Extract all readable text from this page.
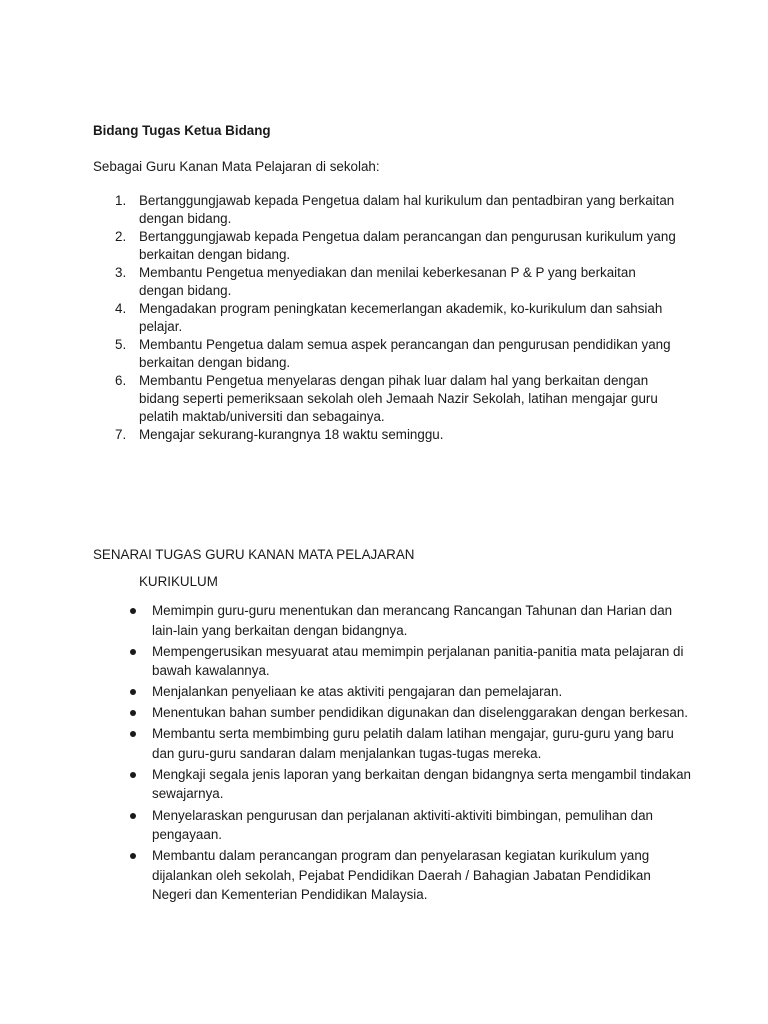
Bidang Tugas Ketua Bidang

Sebagai Guru Kanan Mata Pelajaran di sekolah:

1. Bertanggungjawab kepada Pengetua dalam hal kurikulum dan pentadbiran yang berkaitan dengan bidang.
2. Bertanggungjawab kepada Pengetua dalam perancangan dan pengurusan kurikulum yang berkaitan dengan bidang.
3. Membantu Pengetua menyediakan dan menilai keberkesanan P & P yang berkaitan dengan bidang.
4. Mengadakan program peningkatan kecemerlangan akademik, ko-kurikulum dan sahsiah pelajar.
5. Membantu Pengetua dalam semua aspek perancangan dan pengurusan pendidikan yang berkaitan dengan bidang.
6. Membantu Pengetua menyelaras dengan pihak luar dalam hal yang berkaitan dengan bidang seperti pemeriksaan sekolah oleh Jemaah Nazir Sekolah, latihan mengajar guru pelatih maktab/universiti dan sebagainya.
7. Mengajar sekurang-kurangnya 18 waktu seminggu.

SENARAI TUGAS GURU KANAN MATA PELAJARAN

KURIKULUM

Memimpin guru-guru menentukan dan merancang Rancangan Tahunan dan Harian dan lain-lain yang berkaitan dengan bidangnya.
Mempengerusikan mesyuarat atau memimpin perjalanan panitia-panitia mata pelajaran di bawah kawalannya.
Menjalankan penyeliaan ke atas aktiviti pengajaran dan pemelajaran.
Menentukan bahan sumber pendidikan digunakan dan diselenggarakan dengan berkesan.
Membantu serta membimbing guru pelatih dalam latihan mengajar, guru-guru yang baru dan guru-guru sandaran dalam menjalankan tugas-tugas mereka.
Mengkaji segala jenis laporan yang berkaitan dengan bidangnya serta mengambil tindakan sewajarnya.
Menyelaraskan pengurusan dan perjalanan aktiviti-aktiviti bimbingan, pemulihan dan pengayaan.
Membantu dalam perancangan program dan penyelarasan kegiatan kurikulum yang dijalankan oleh sekolah, Pejabat Pendidikan Daerah / Bahagian Jabatan Pendidikan Negeri dan Kementerian Pendidikan Malaysia.
